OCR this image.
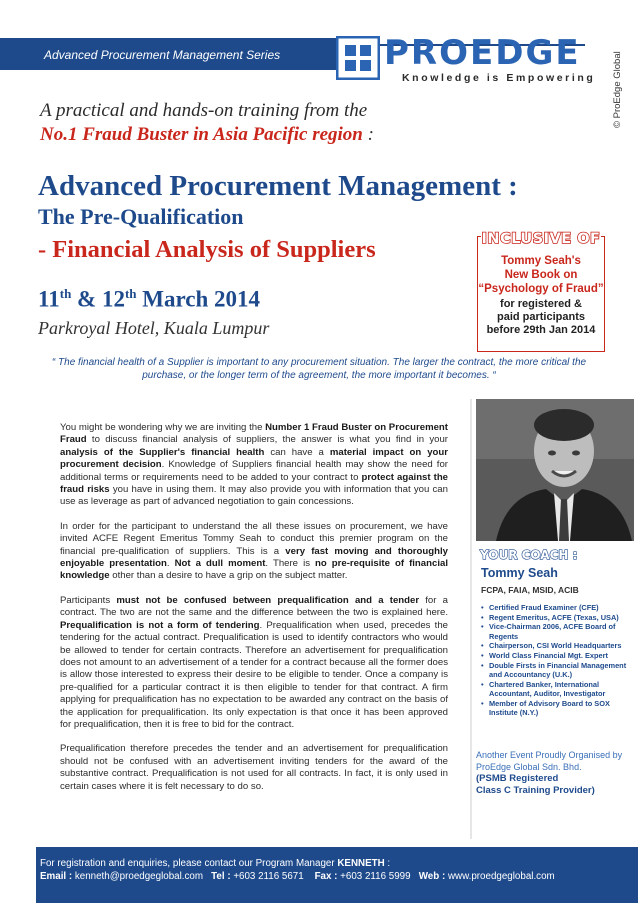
Advanced Procurement Management Series	PROEDGE
Knowledge is Empowering © ProEdge Global
A practical and hands-on training from the
No.1 Fraud Buster in Asia Pacific region :
Advanced Procurement Management :
The Pre-Qualification
- Financial Analysis of Suppliers
11th & 12th March 2014
Parkroyal Hotel, Kuala Lumpur
INCLUSIVE OF
Tommy Seah's
New Book on
“Psychology of Fraud”
for registered &
paid participants
before 29th Jan 2014
“ The financial health of a Supplier is important to any procurement situation. The larger the contract, the more critical the purchase, or the longer term of the agreement, the more important it becomes. “

You might be wondering why we are inviting the Number 1 Fraud Buster on Procurement Fraud to discuss financial analysis of suppliers, the answer is what you find in your analysis of the Supplier's financial health can have a material impact on your procurement decision. Knowledge of Suppliers financial health may show the need for additional terms or requirements need to be added to your contract to protect against the fraud risks you have in using them. It may also provide you with information that you can use as leverage as part of advanced negotiation to gain concessions.

In order for the participant to understand the all these issues on procurement, we have invited ACFE Regent Emeritus Tommy Seah to conduct this premier program on the financial pre-qualification of suppliers. This is a very fast moving and thoroughly enjoyable presentation. Not a dull moment. There is no pre-requisite of financial knowledge other than a desire to have a grip on the subject matter.

Participants must not be confused between prequalification and a tender for a contract. The two are not the same and the difference between the two is explained here. Prequalification is not a form of tendering. Prequalification when used, precedes the tendering for the actual contract. Prequalification is used to identify contractors who would be allowed to tender for certain contracts. Therefore an advertisement for prequalification does not amount to an advertisement of a tender for a contract because all the former does is allow those interested to express their desire to be eligible to tender. Once a company is pre-qualified for a particular contract it is then eligible to tender for that contract. A firm applying for prequalification has no expectation to be awarded any contract on the basis of the application for prequalification. Its only expectation is that once it has been approved for prequalification, then it is free to bid for the contract.

Prequalification therefore precedes the tender and an advertisement for prequalification should not be confused with an advertisement inviting tenders for the award of the substantive contract. Prequalification is not used for all contracts. In fact, it is only used in certain cases where it is felt necessary to do so.

YOUR COACH :
Tommy Seah
FCPA, FAIA, MSID, ACIB
• Certified Fraud Examiner (CFE)
• Regent Emeritus, ACFE (Texas, USA)
• Vice-Chairman 2006, ACFE Board of Regents
• Chairperson, CSI World Headquarters
• World Class Financial Mgt. Expert
• Double Firsts in Financial Management and Accountancy (U.K.)
• Chartered Banker, International Accountant, Auditor, Investigator
• Member of Advisory Board to SOX Institute (N.Y.)
Another Event Proudly Organised by ProEdge Global Sdn. Bhd.
(PSMB Registered
Class C Training Provider)
For registration and enquiries, please contact our Program Manager KENNETH :
Email : kenneth@proedgeglobal.com Tel : +603 2116 5671 Fax : +603 2116 5999 Web : www.proedgeglobal.com
